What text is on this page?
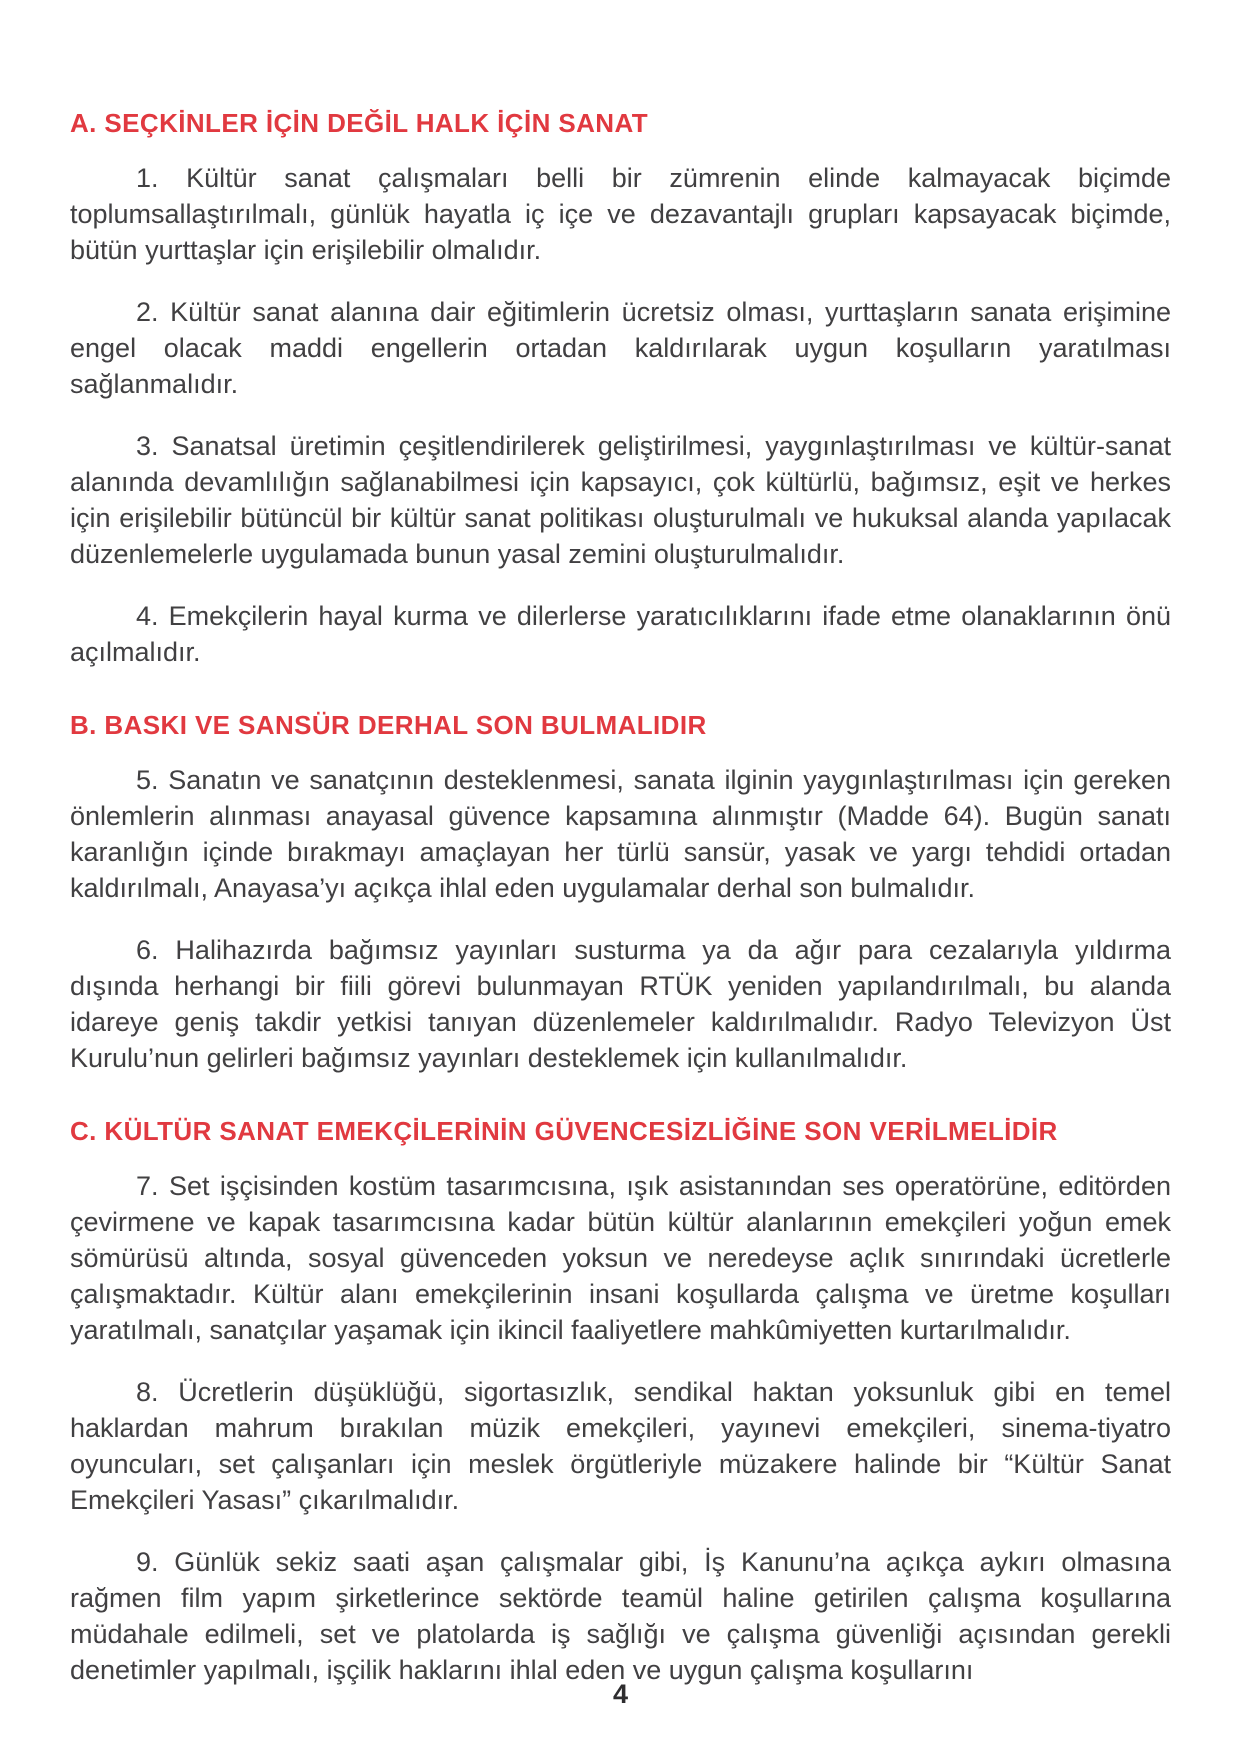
A. SEÇKİNLER İÇİN DEĞİL HALK İÇİN SANAT

1. Kültür sanat çalışmaları belli bir zümrenin elinde kalmayacak biçimde toplumsallaştırılmalı, günlük hayatla iç içe ve dezavantajlı grupları kapsayacak biçimde, bütün yurttaşlar için erişilebilir olmalıdır.

2. Kültür sanat alanına dair eğitimlerin ücretsiz olması, yurttaşların sanata erişimine engel olacak maddi engellerin ortadan kaldırılarak uygun koşulların yaratılması sağlanmalıdır.

3. Sanatsal üretimin çeşitlendirilerek geliştirilmesi, yaygınlaştırılması ve kültür-sanat alanında devamlılığın sağlanabilmesi için kapsayıcı, çok kültürlü, bağımsız, eşit ve herkes için erişilebilir bütüncül bir kültür sanat politikası oluşturulmalı ve hukuksal alanda yapılacak düzenlemelerle uygulamada bunun yasal zemini oluşturulmalıdır.

4. Emekçilerin hayal kurma ve dilerlerse yaratıcılıklarını ifade etme olanaklarının önü açılmalıdır.

B. BASKI VE SANSÜR DERHAL SON BULMALIDIR

5. Sanatın ve sanatçının desteklenmesi, sanata ilginin yaygınlaştırılması için gereken önlemlerin alınması anayasal güvence kapsamına alınmıştır (Madde 64). Bugün sanatı karanlığın içinde bırakmayı amaçlayan her türlü sansür, yasak ve yargı tehdidi ortadan kaldırılmalı, Anayasa’yı açıkça ihlal eden uygulamalar derhal son bulmalıdır.

6. Halihazırda bağımsız yayınları susturma ya da ağır para cezalarıyla yıldırma dışında herhangi bir fiili görevi bulunmayan RTÜK yeniden yapılandırılmalı, bu alanda idareye geniş takdir yetkisi tanıyan düzenlemeler kaldırılmalıdır. Radyo Televizyon Üst Kurulu’nun gelirleri bağımsız yayınları desteklemek için kullanılmalıdır.

C. KÜLTÜR SANAT EMEKÇİLERİNİN GÜVENCESİZLİĞİNE SON VERİLMELİDİR

7. Set işçisinden kostüm tasarımcısına, ışık asistanından ses operatörüne, editörden çevirmene ve kapak tasarımcısına kadar bütün kültür alanlarının emekçileri yoğun emek sömürüsü altında, sosyal güvenceden yoksun ve neredeyse açlık sınırındaki ücretlerle çalışmaktadır. Kültür alanı emekçilerinin insani koşullarda çalışma ve üretme koşulları yaratılmalı, sanatçılar yaşamak için ikincil faaliyetlere mahkûmiyetten kurtarılmalıdır.

8. Ücretlerin düşüklüğü, sigortasızlık, sendikal haktan yoksunluk gibi en temel haklardan mahrum bırakılan müzik emekçileri, yayınevi emekçileri, sinema-tiyatro oyuncuları, set çalışanları için meslek örgütleriyle müzakere halinde bir “Kültür Sanat Emekçileri Yasası” çıkarılmalıdır.

9. Günlük sekiz saati aşan çalışmalar gibi, İş Kanunu’na açıkça aykırı olmasına rağmen film yapım şirketlerince sektörde teamül haline getirilen çalışma koşullarına müdahale edilmeli, set ve platolarda iş sağlığı ve çalışma güvenliği açısından gerekli denetimler yapılmalı, işçilik haklarını ihlal eden ve uygun çalışma koşullarını

4
